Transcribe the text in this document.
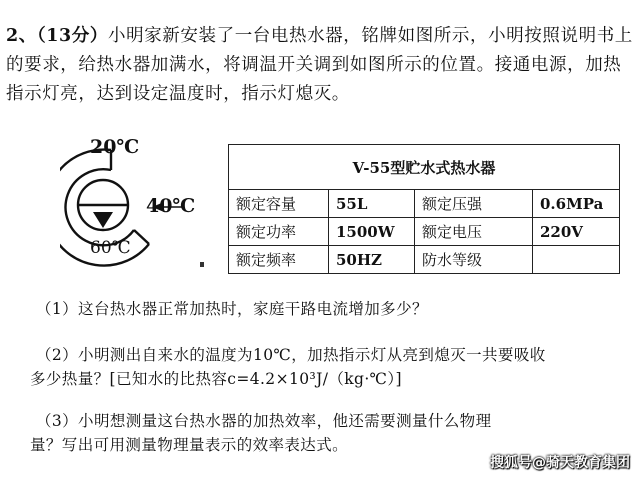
2、（13分）小明家新安装了一台电热水器，铭牌如图所示，小明按照说明书上的要求，给热水器加满水，将调温开关调到如图所示的位置。接通电源，加热指示灯亮，达到设定温度时，指示灯熄灭。
20℃
40℃
60℃
V-55型贮水式热水器			
额定容量	55L	额定压强	0.6MPa
额定功率	1500W	额定电压	220V
额定频率	50HZ	防水等级	
（1）这台热水器正常加热时，家庭干路电流增加多少？
（2）小明测出自来水的温度为10℃，加热指示灯从亮到熄灭一共要吸收
多少热量？[已知水的比热容c=4.2×10³J/（kg·℃）]
（3）小明想测量这台热水器的加热效率，他还需要测量什么物理
量？写出可用测量物理量表示的效率表达式。
搜狐号@骑天教育集团
